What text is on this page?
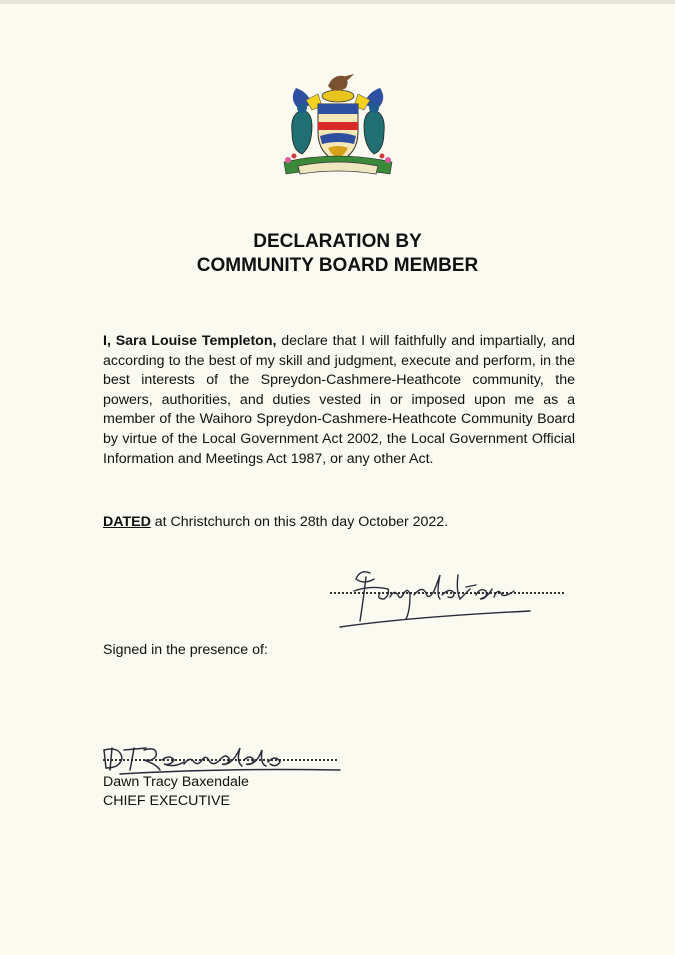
DECLARATION BY
COMMUNITY BOARD MEMBER

I, Sara Louise Templeton, declare that I will faithfully and impartially, and according to the best of my skill and judgment, execute and perform, in the best interests of the Spreydon-Cashmere-Heathcote community, the powers, authorities, and duties vested in or imposed upon me as a member of the Waihoro Spreydon-Cashmere-Heathcote Community Board by virtue of the Local Government Act 2002, the Local Government Official Information and Meetings Act 1987, or any other Act.

DATED at Christchurch on this 28th day October 2022.
Signed in the presence of:
Dawn Tracy Baxendale
CHIEF EXECUTIVE
